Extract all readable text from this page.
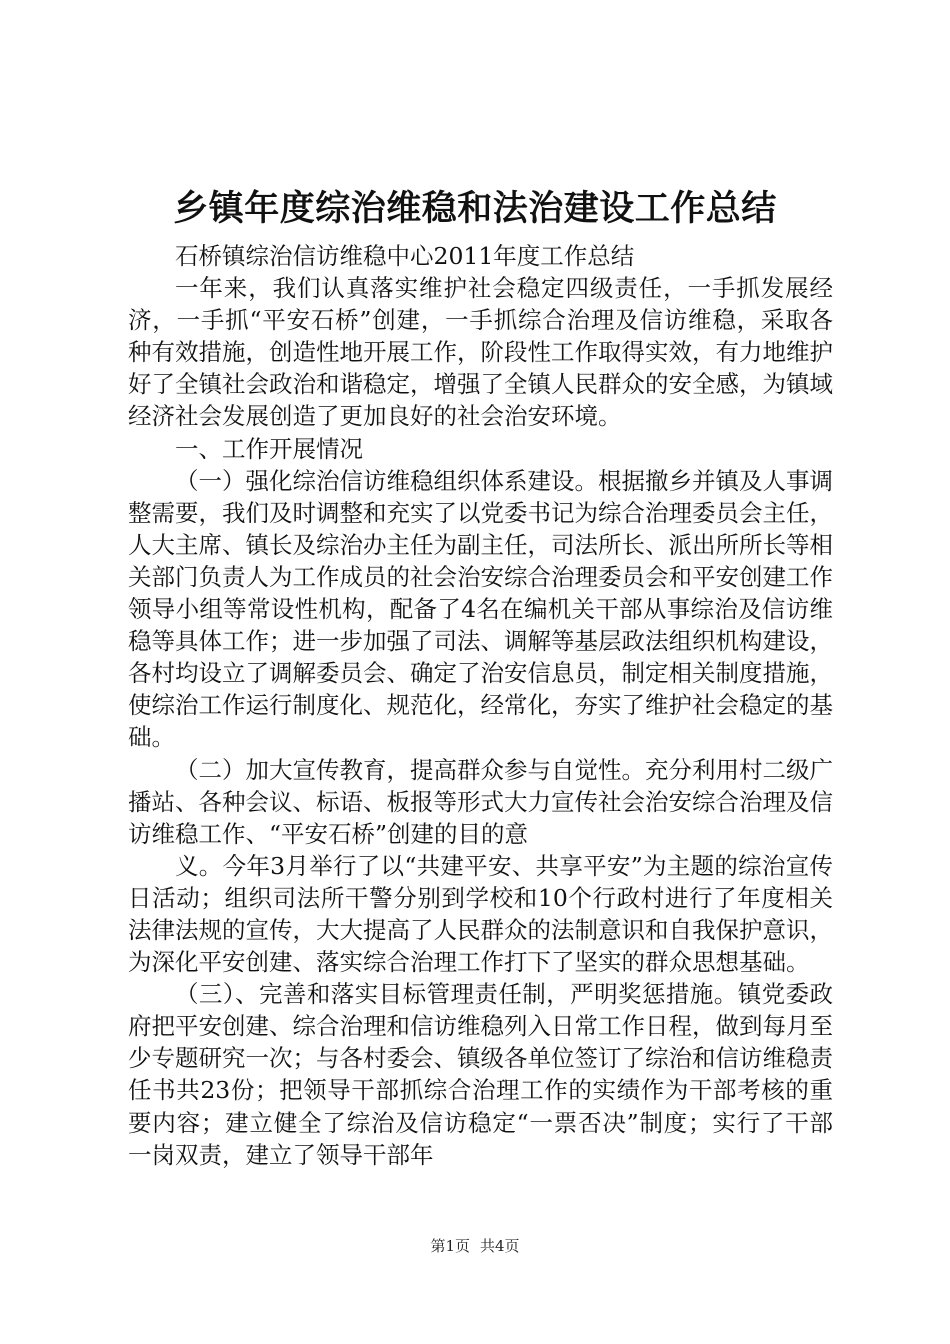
乡镇年度综治维稳和法治建设工作总结

石桥镇综治信访维稳中心2011年度工作总结

一年来，我们认真落实维护社会稳定四级责任，一手抓发展经济，一手抓“平安石桥”创建，一手抓综合治理及信访维稳，采取各种有效措施，创造性地开展工作，阶段性工作取得实效，有力地维护好了全镇社会政治和谐稳定，增强了全镇人民群众的安全感，为镇域经济社会发展创造了更加良好的社会治安环境。

一、工作开展情况

（一）强化综治信访维稳组织体系建设。根据撤乡并镇及人事调整需要，我们及时调整和充实了以党委书记为综合治理委员会主任，人大主席、镇长及综治办主任为副主任，司法所长、派出所所长等相关部门负责人为工作成员的社会治安综合治理委员会和平安创建工作领导小组等常设性机构，配备了4名在编机关干部从事综治及信访维稳等具体工作；进一步加强了司法、调解等基层政法组织机构建设，各村均设立了调解委员会、确定了治安信息员，制定相关制度措施，使综治工作运行制度化、规范化，经常化，夯实了维护社会稳定的基础。

（二）加大宣传教育，提高群众参与自觉性。充分利用村二级广播站、各种会议、标语、板报等形式大力宣传社会治安综合治理及信访维稳工作、“平安石桥”创建的目的意

义。今年3月举行了以“共建平安、共享平安”为主题的综治宣传日活动；组织司法所干警分别到学校和10个行政村进行了年度相关法律法规的宣传，大大提高了人民群众的法制意识和自我保护意识，为深化平安创建、落实综合治理工作打下了坚实的群众思想基础。

（三）、完善和落实目标管理责任制，严明奖惩措施。镇党委政府把平安创建、综合治理和信访维稳列入日常工作日程，做到每月至少专题研究一次；与各村委会、镇级各单位签订了综治和信访维稳责任书共23份；把领导干部抓综合治理工作的实绩作为干部考核的重要内容；建立健全了综治及信访稳定“一票否决”制度；实行了干部一岗双责，建立了领导干部年

第1页 共4页
